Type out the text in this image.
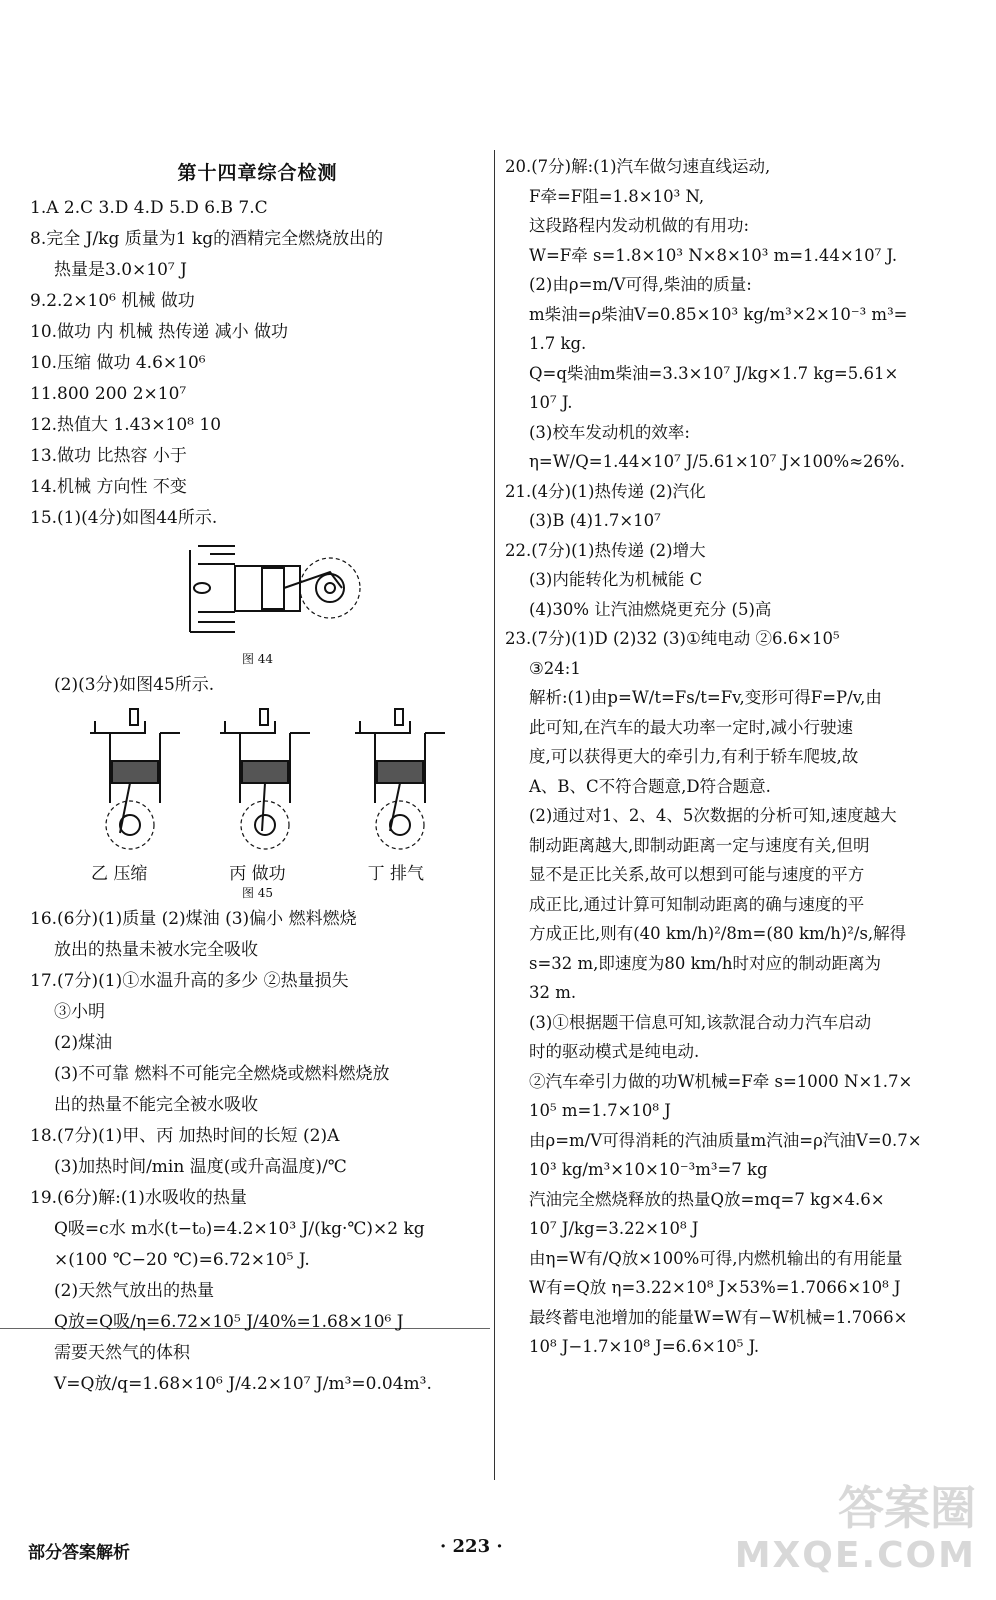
第十四章综合检测
1.A 2.C 3.D 4.D 5.D 6.B 7.C
8.完全 J/kg 质量为1 kg的酒精完全燃烧放出的
热量是3.0×10⁷ J
9.2.2×10⁶ 机械 做功
10.做功 内 机械 热传递 减小 做功
10.压缩 做功 4.6×10⁶
11.800 200 2×10⁷
12.热值大 1.43×10⁸ 10
13.做功 比热容 小于
14.机械 方向性 不变
15.(1)(4分)如图44所示.
图 44
(2)(3分)如图45所示.
乙 压缩	丙 做功	丁 排气
图 45
16.(6分)(1)质量 (2)煤油 (3)偏小 燃料燃烧
放出的热量未被水完全吸收
17.(7分)(1)①水温升高的多少 ②热量损失
③小明
(2)煤油
(3)不可靠 燃料不可能完全燃烧或燃料燃烧放
出的热量不能完全被水吸收
18.(7分)(1)甲、丙 加热时间的长短 (2)A
(3)加热时间/min 温度(或升高温度)/℃
19.(6分)解:(1)水吸收的热量
Q吸=c水 m水(t−t₀)=4.2×10³ J/(kg·℃)×2 kg
×(100 ℃−20 ℃)=6.72×10⁵ J.
(2)天然气放出的热量
Q放=Q吸/η=6.72×10⁵ J/40%=1.68×10⁶ J
需要天然气的体积
V=Q放/q=1.68×10⁶ J/4.2×10⁷ J/m³=0.04m³.
20.(7分)解:(1)汽车做匀速直线运动,
F牵=F阻=1.8×10³ N,
这段路程内发动机做的有用功:
W=F牵 s=1.8×10³ N×8×10³ m=1.44×10⁷ J.
(2)由ρ=m/V可得,柴油的质量:
m柴油=ρ柴油V=0.85×10³ kg/m³×2×10⁻³ m³=
1.7 kg.
Q=q柴油m柴油=3.3×10⁷ J/kg×1.7 kg=5.61×
10⁷ J.
(3)校车发动机的效率:
η=W/Q=1.44×10⁷ J/5.61×10⁷ J×100%≈26%.
21.(4分)(1)热传递 (2)汽化
(3)B (4)1.7×10⁷
22.(7分)(1)热传递 (2)增大
(3)内能转化为机械能 C
(4)30% 让汽油燃烧更充分 (5)高
23.(7分)(1)D (2)32 (3)①纯电动 ②6.6×10⁵
③24:1
解析:(1)由p=W/t=Fs/t=Fv,变形可得F=P/v,由
此可知,在汽车的最大功率一定时,减小行驶速
度,可以获得更大的牵引力,有利于轿车爬坡,故
A、B、C不符合题意,D符合题意.
(2)通过对1、2、4、5次数据的分析可知,速度越大
制动距离越大,即制动距离一定与速度有关,但明
显不是正比关系,故可以想到可能与速度的平方
成正比,通过计算可知制动距离的确与速度的平
方成正比,则有(40 km/h)²/8m=(80 km/h)²/s,解得
s=32 m,即速度为80 km/h时对应的制动距离为
32 m.
(3)①根据题干信息可知,该款混合动力汽车启动
时的驱动模式是纯电动.
②汽车牵引力做的功W机械=F牵 s=1000 N×1.7×
10⁵ m=1.7×10⁸ J
由ρ=m/V可得消耗的汽油质量m汽油=ρ汽油V=0.7×
10³ kg/m³×10×10⁻³m³=7 kg
汽油完全燃烧释放的热量Q放=mq=7 kg×4.6×
10⁷ J/kg=3.22×10⁸ J
由η=W有/Q放×100%可得,内燃机输出的有用能量
W有=Q放 η=3.22×10⁸ J×53%=1.7066×10⁸ J
最终蓄电池增加的能量W=W有−W机械=1.7066×
10⁸ J−1.7×10⁸ J=6.6×10⁵ J.
部分答案解析	· 223 ·
答案圈
MXQE.COM
